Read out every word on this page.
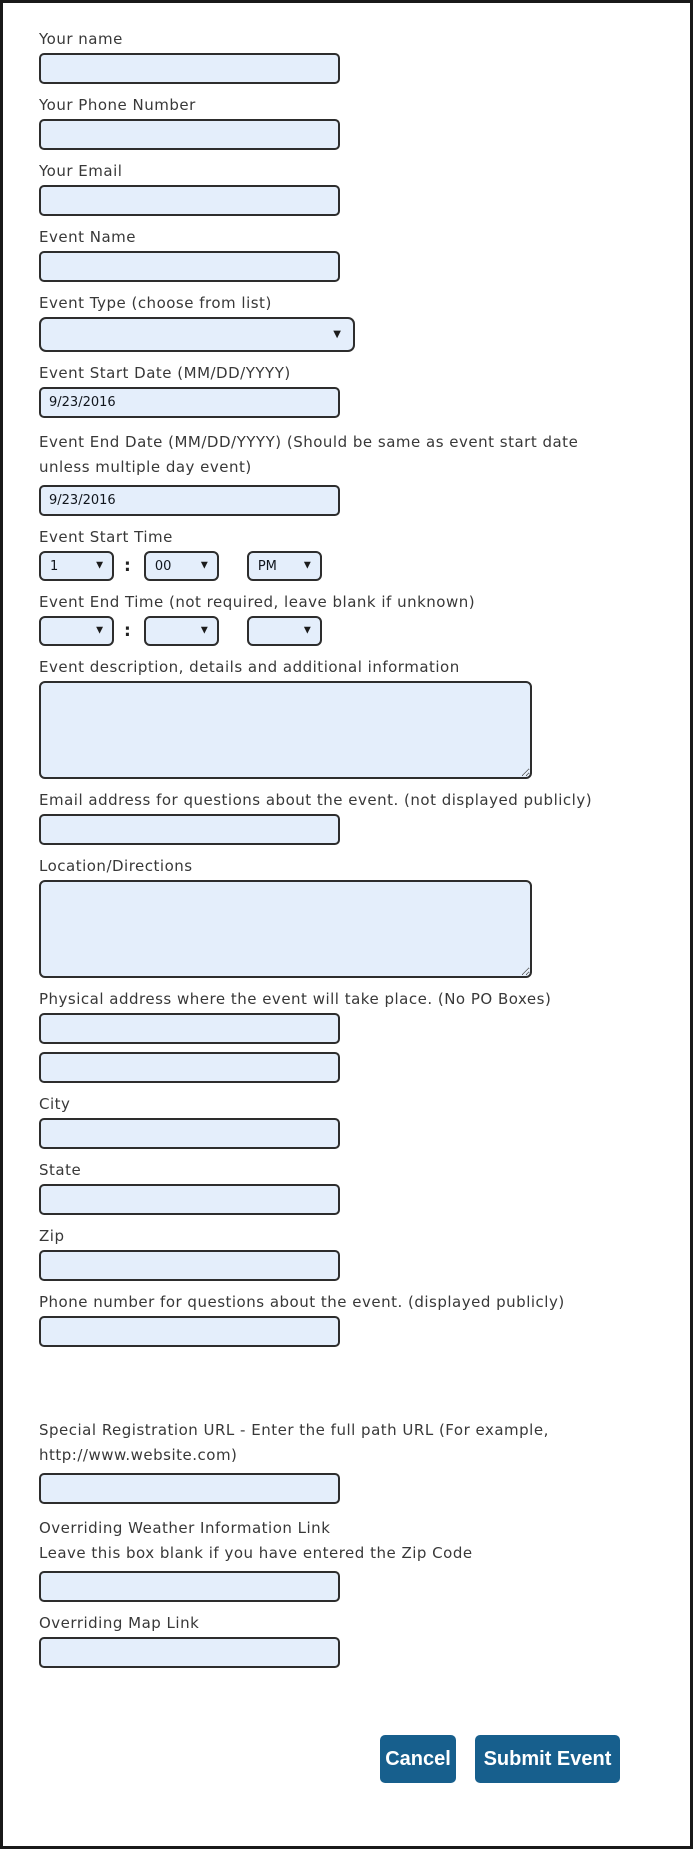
Your name
Your Phone Number
Your Email
Event Name
Event Type (choose from list)
▼
Event Start Date (MM/DD/YYYY)
9/23/2016
Event End Date (MM/DD/YYYY) (Should be same as event start date unless multiple day event)
9/23/2016
Event Start Time
1	▼ : 00	▼	PM	▼
Event End Time (not required, leave blank if unknown)
▼ :	▼	▼
Event description, details and additional information
Email address for questions about the event. (not displayed publicly)
Location/Directions
Physical address where the event will take place. (No PO Boxes)
City
State
Zip
Phone number for questions about the event. (displayed publicly)
Special Registration URL - Enter the full path URL (For example, http://www.website.com)
Overriding Weather Information Link
Leave this box blank if you have entered the Zip Code
Overriding Map Link
Cancel	Submit Event
